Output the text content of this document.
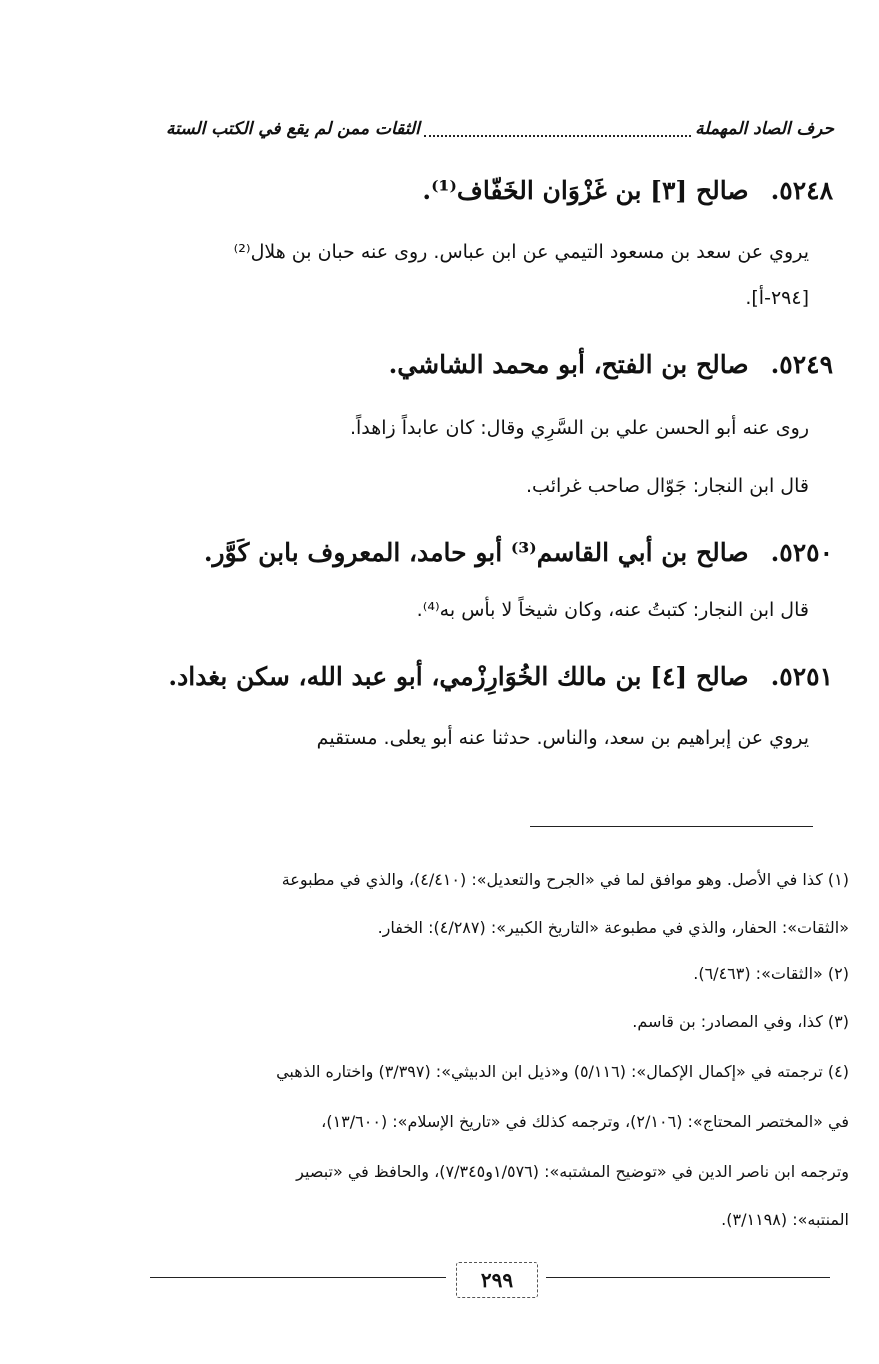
حرف الصاد المهملة
الثقات ممن لم يقع في الكتب الستة
٥٢٤٨.صالح [٣] بن غَزْوَان الخَفّاف⁽¹⁾.
يروي عن سعد بن مسعود التيمي عن ابن عباس. روى عنه حبان بن هلال⁽²⁾
[٢٩٤-أ].
٥٢٤٩.صالح بن الفتح، أبو محمد الشاشي.
روى عنه أبو الحسن علي بن السَّرِي وقال: كان عابداً زاهداً.
قال ابن النجار: جَوّال صاحب غرائب.
٥٢٥٠.صالح بن أبي القاسم⁽³⁾ أبو حامد، المعروف بابن كَوَّر.
قال ابن النجار: كتبتُ عنه، وكان شيخاً لا بأس به⁽⁴⁾.
٥٢٥١.صالح [٤] بن مالك الخُوَارِزْمي، أبو عبد الله، سكن بغداد.
يروي عن إبراهيم بن سعد، والناس. حدثنا عنه أبو يعلى. مستقيم
(١) كذا في الأصل. وهو موافق لما في «الجرح والتعديل»: (٤/٤١٠)، والذي في مطبوعة
«الثقات»: الحفار، والذي في مطبوعة «التاريخ الكبير»: (٤/٢٨٧): الخفار.
(٢) «الثقات»: (٦/٤٦٣).
(٣) كذا، وفي المصادر: بن قاسم.
(٤) ترجمته في «إكمال الإكمال»: (٥/١١٦) و«ذيل ابن الدبيثي»: (٣/٣٩٧) واختاره الذهبي
في «المختصر المحتاج»: (٢/١٠٦)، وترجمه كذلك في «تاريخ الإسلام»: (١٣/٦٠٠)،
وترجمه ابن ناصر الدين في «توضيح المشتبه»: (١/٥٧٦و٧/٣٤٥)، والحافظ في «تبصير
المنتبه»: (٣/١١٩٨).
٢٩٩
